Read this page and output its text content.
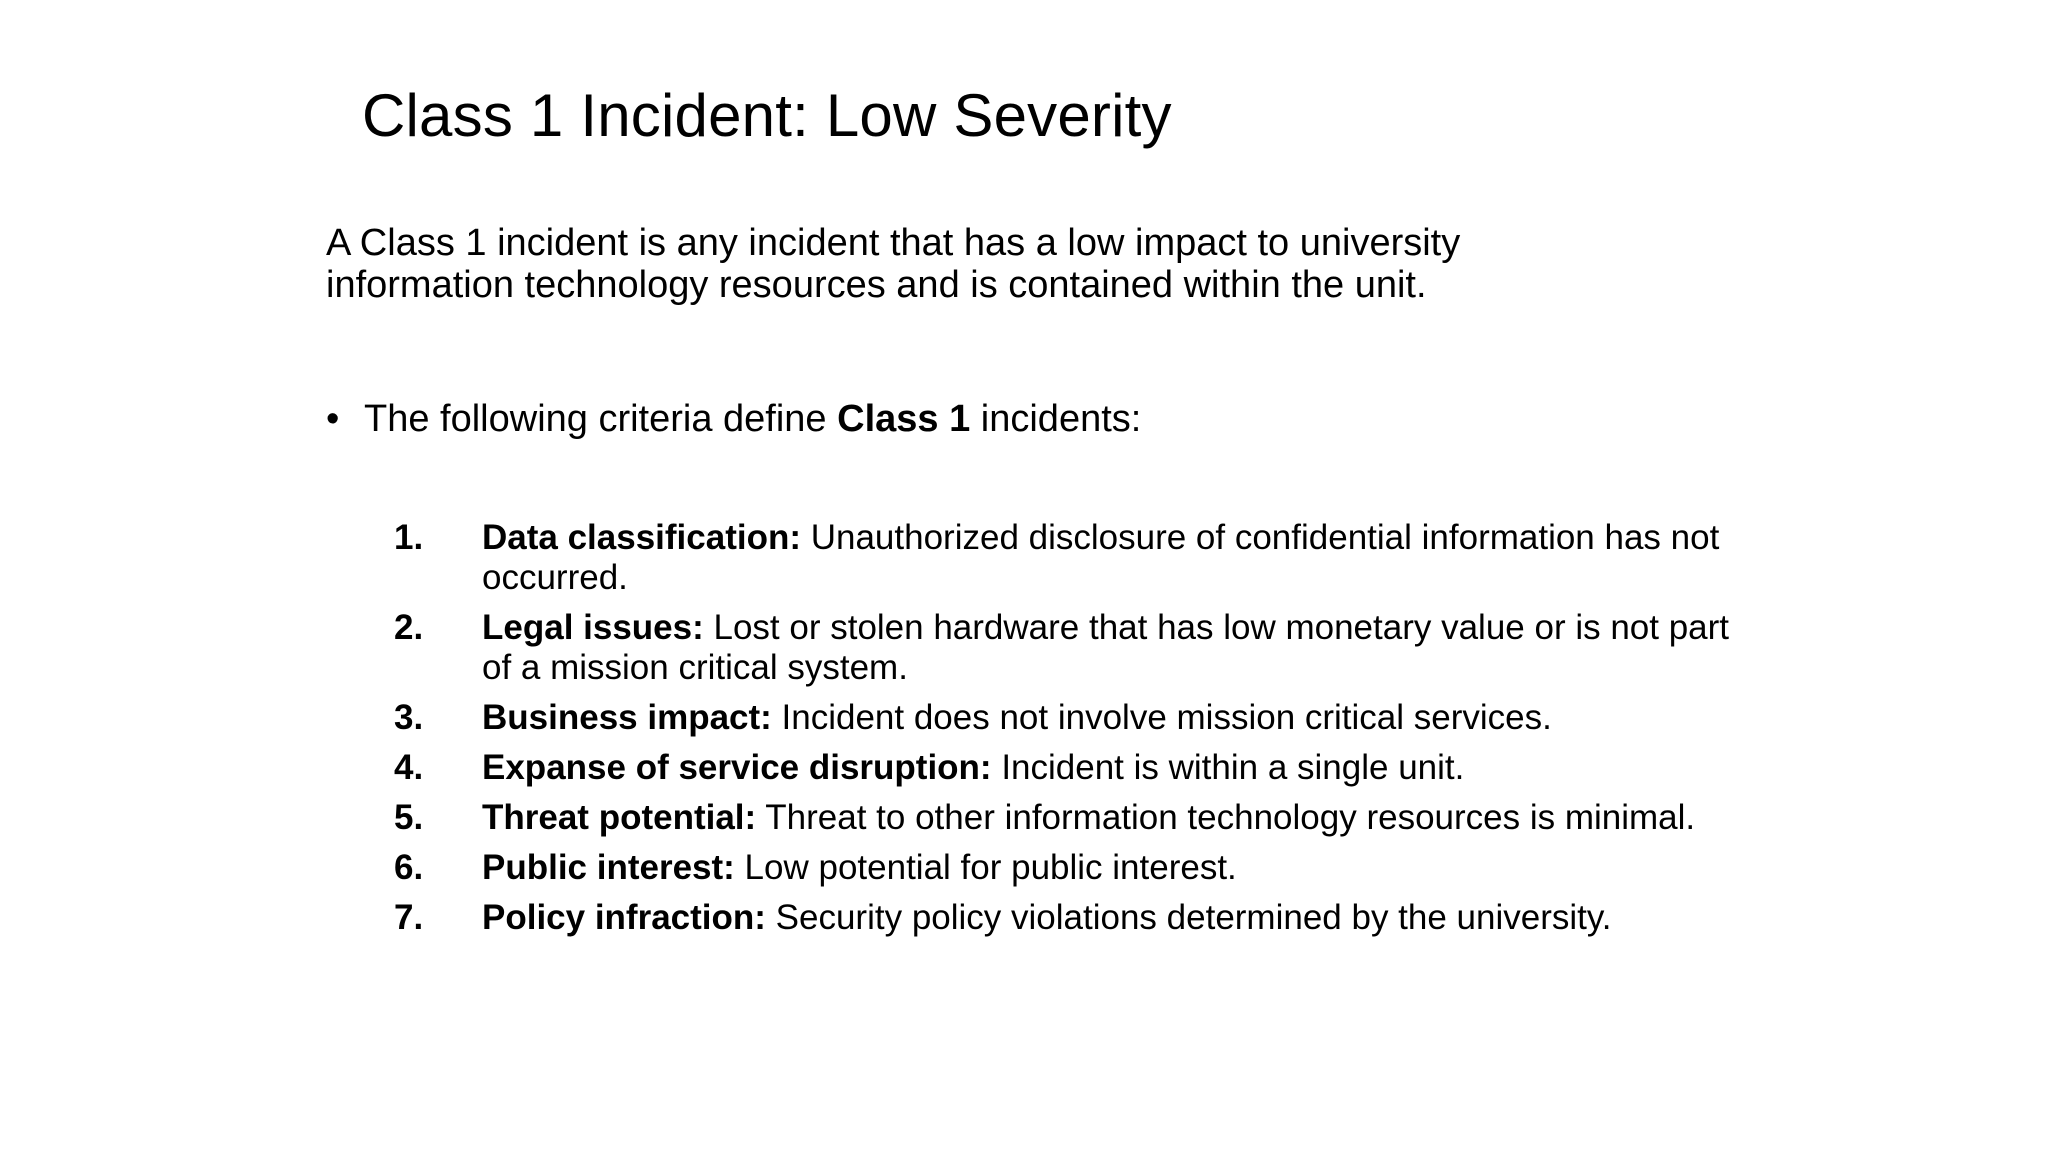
Class 1 Incident: Low Severity
A Class 1 incident is any incident that has a low impact to university information technology resources and is contained within the unit.
• The following criteria define Class 1 incidents:
1. Data classification: Unauthorized disclosure of confidential information has not occurred.
2. Legal issues: Lost or stolen hardware that has low monetary value or is not part of a mission critical system.
3. Business impact: Incident does not involve mission critical services.
4. Expanse of service disruption: Incident is within a single unit.
5. Threat potential: Threat to other information technology resources is minimal.
6. Public interest: Low potential for public interest.
7. Policy infraction: Security policy violations determined by the university.
